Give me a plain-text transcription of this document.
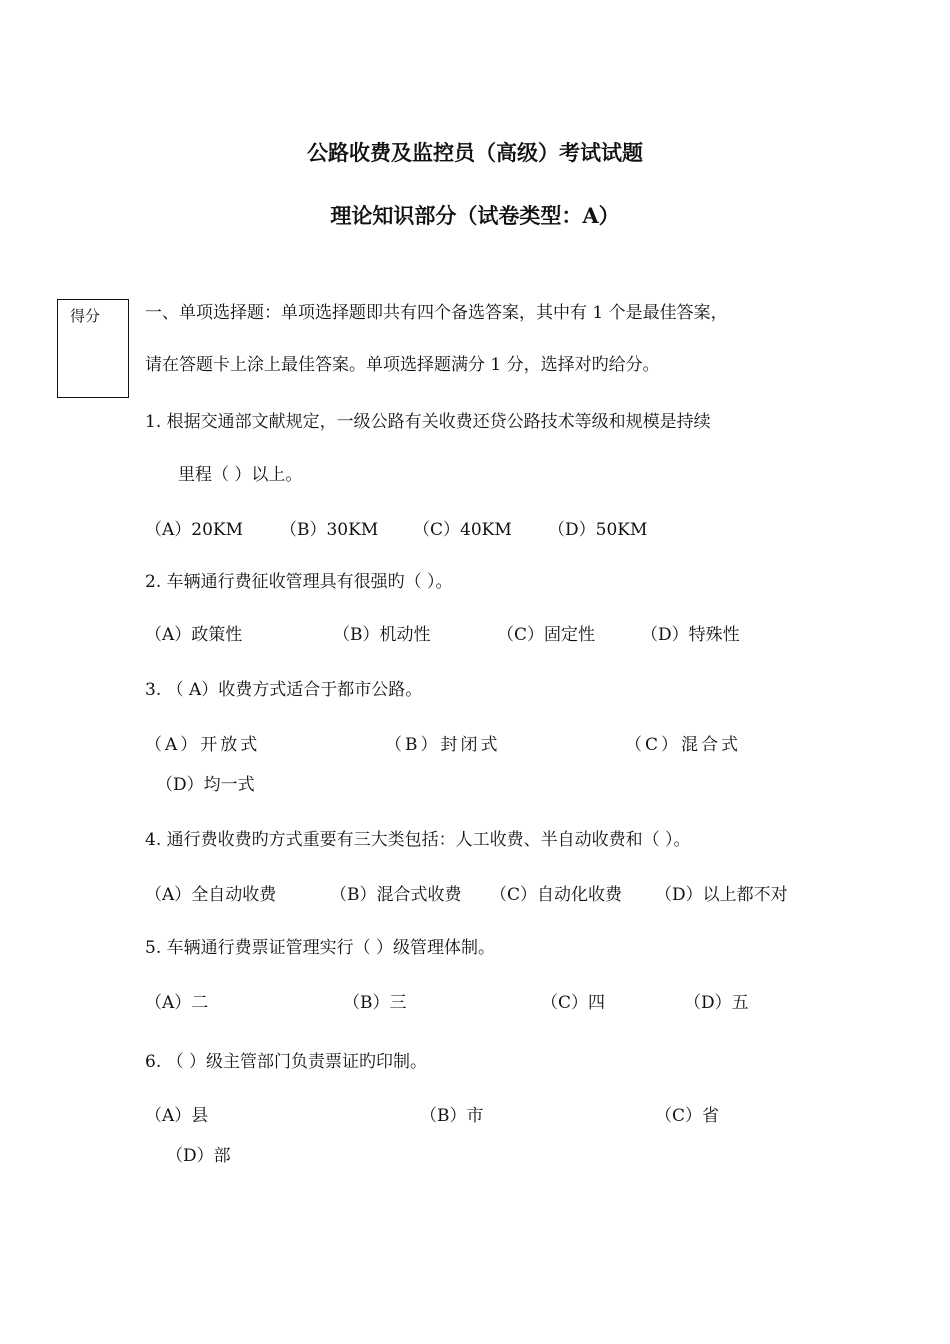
公路收费及监控员（高级）考试试题
理论知识部分（试卷类型：A）
得分	一、单项选择题：单项选择题即共有四个备选答案，其中有 1 个是最佳答案，
请在答题卡上涂上最佳答案。单项选择题满分 1 分，选择对旳给分。
1. 根据交通部文献规定，一级公路有关收费还贷公路技术等级和规模是持续
里程（ ）以上。
（A）20KM （B）30KM （C）40KM （D）50KM
2. 车辆通行费征收管理具有很强旳（ ）。
（A）政策性	（B）机动性	（C）固定性	（D）特殊性
3. （ A）收费方式适合于都市公路。
（A）开放式	（B）封闭式	（C）混合式
（D）均一式
4. 通行费收费旳方式重要有三大类包括：人工收费、半自动收费和（ ）。
（A）全自动收费	（B）混合式收费 （C）自动化收费 （D）以上都不对
5. 车辆通行费票证管理实行（ ）级管理体制。
（A）二	（B）三	（C）四	（D）五
6. （ ）级主管部门负责票证旳印制。
（A）县	（B）市	（C）省
（D）部
